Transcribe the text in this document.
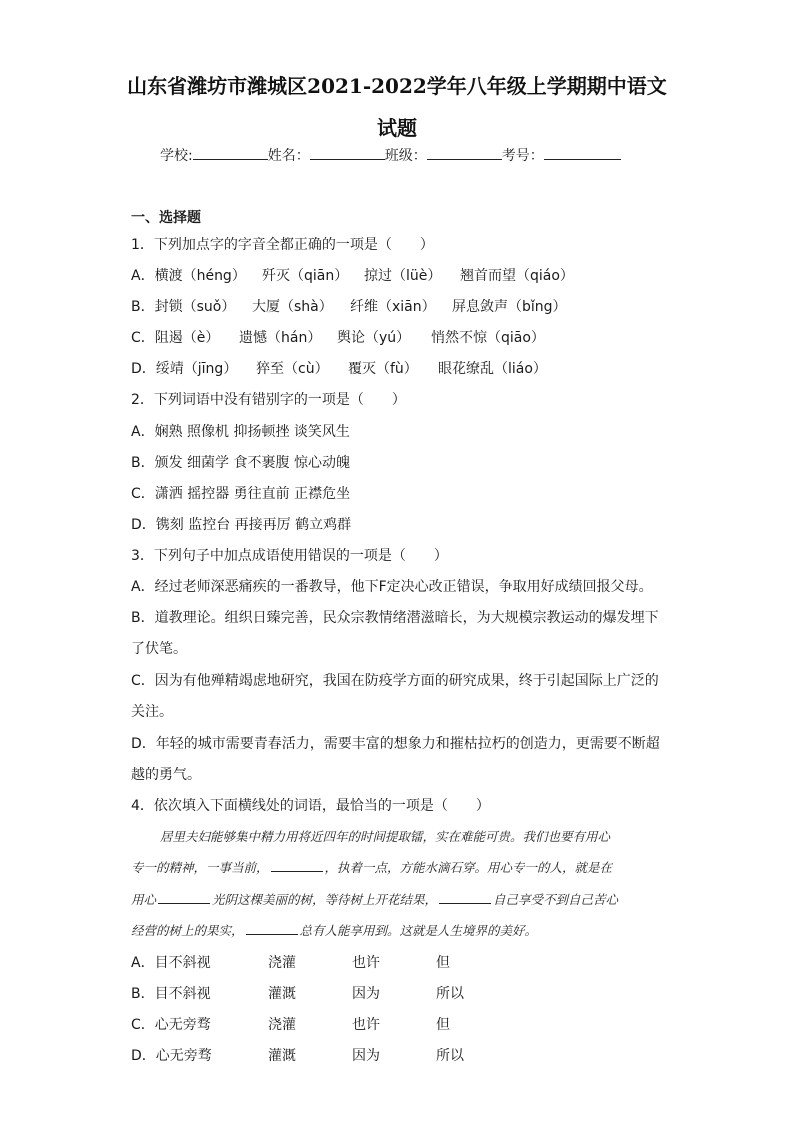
山东省潍坊市潍城区2021-2022学年八年级上学期期中语文
试题
学校:	姓名：	班级：	考号：
一、选择题
1．下列加点字的字音全都正确的一项是（　　）
A．横渡（héng） 歼灭（qiān） 掠过（lüè） 翘首而望（qiáo）
B．封锁（suǒ） 大厦（shà） 纤维（xiān） 屏息敛声（bǐng）
C．阻遏（è） 遗憾（hán） 舆论（yú） 悄然不惊（qiāo）
D．绥靖（jīng） 猝至（cù） 覆灭（fù） 眼花缭乱（liáo）
2．下列词语中没有错别字的一项是（　　）
A．娴熟 照像机 抑扬顿挫 谈笑风生
B．颁发 细菌学 食不裹腹 惊心动魄
C．潇洒 摇控器 勇往直前 正襟危坐
D．镌刻 监控台 再接再厉 鹤立鸡群
3．下列句子中加点成语使用错误的一项是（　　）
A．经过老师深恶痛疾的一番教导，他下F定决心改正错误，争取用好成绩回报父母。
B．道教理论。组织日臻完善，民众宗教情绪潜滋暗长，为大规模宗教运动的爆发埋下
了伏笔。
C．因为有他殚精竭虑地研究，我国在防疫学方面的研究成果，终于引起国际上广泛的
关注。
D．年轻的城市需要青春活力，需要丰富的想象力和摧枯拉朽的创造力，更需要不断超
越的勇气。
4．依次填入下面横线处的词语，最恰当的一项是（　　）
居里夫妇能够集中精力用将近四年的时间提取镭，实在难能可贵。我们也要有用心
专一的精神，一事当前，	，执着一点，方能水滴石穿。用心专一的人，就是在
用心	光阴这棵美丽的树，等待树上开花结果，	自己享受不到自己苦心
经营的树上的果实，	总有人能享用到。这就是人生境界的美好。
A．目不斜视	浇灌	也许	但
B．目不斜视	灌溉	因为	所以
C．心无旁骛	浇灌	也许	但
D．心无旁骛	灌溉	因为	所以
